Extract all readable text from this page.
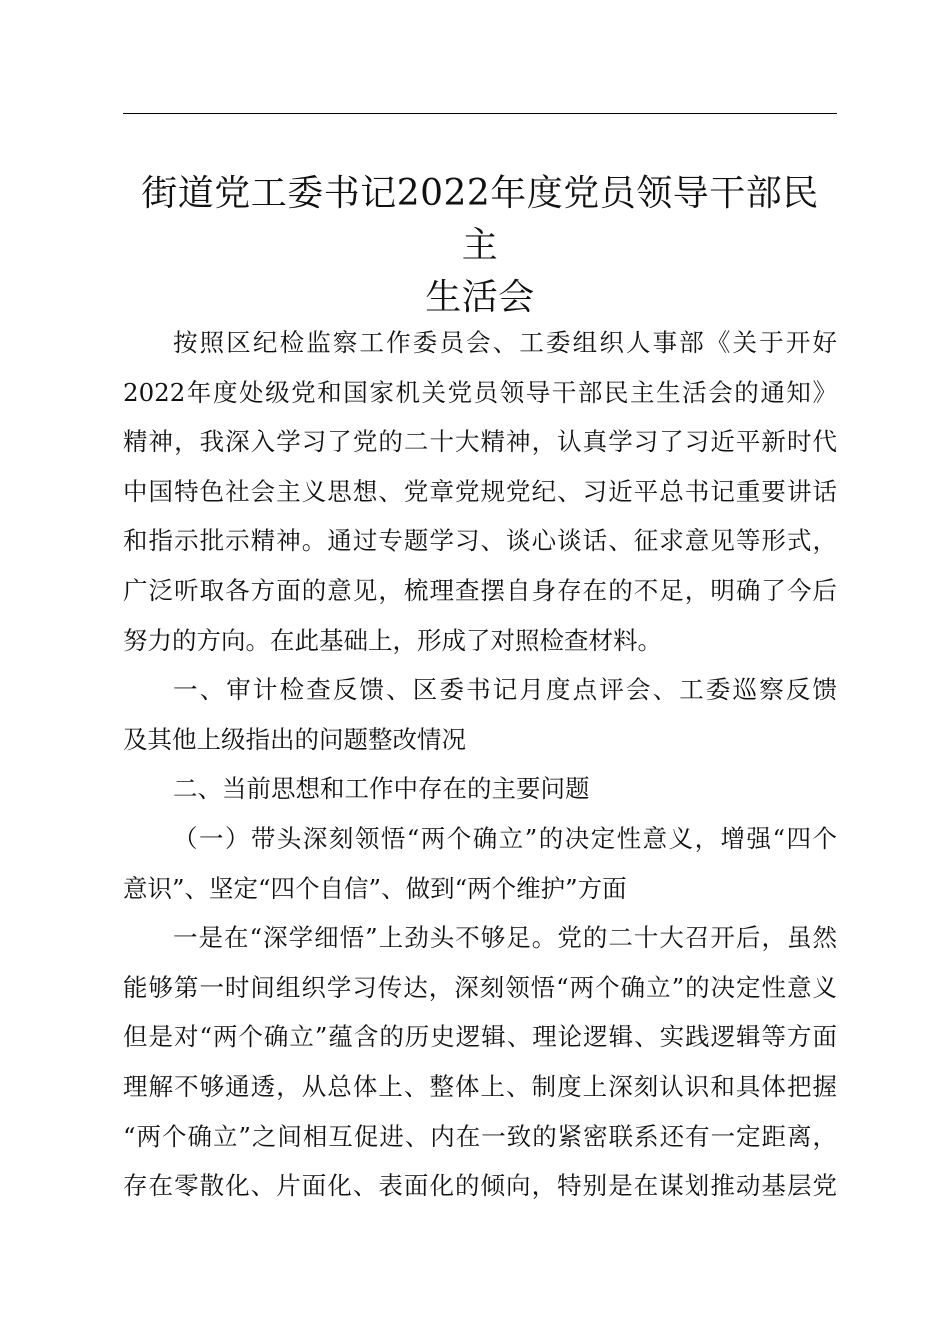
街道党工委书记2022年度党员领导干部民主
生活会
按照区纪检监察工作委员会、工委组织人事部《关于开好
2022年度处级党和国家机关党员领导干部民主生活会的通知》
精神，我深入学习了党的二十大精神，认真学习了习近平新时代
中国特色社会主义思想、党章党规党纪、习近平总书记重要讲话
和指示批示精神。通过专题学习、谈心谈话、征求意见等形式，
广泛听取各方面的意见，梳理查摆自身存在的不足，明确了今后
努力的方向。在此基础上，形成了对照检查材料。
一、审计检查反馈、区委书记月度点评会、工委巡察反馈
及其他上级指出的问题整改情况
二、当前思想和工作中存在的主要问题
（一）带头深刻领悟“两个确立”的决定性意义，增强“四个
意识”、坚定“四个自信”、做到“两个维护”方面
一是在“深学细悟”上劲头不够足。党的二十大召开后，虽然
能够第一时间组织学习传达，深刻领悟“两个确立”的决定性意义
但是对“两个确立”蕴含的历史逻辑、理论逻辑、实践逻辑等方面
理解不够通透，从总体上、整体上、制度上深刻认识和具体把握
“两个确立”之间相互促进、内在一致的紧密联系还有一定距离，
存在零散化、片面化、表面化的倾向，特别是在谋划推动基层党
